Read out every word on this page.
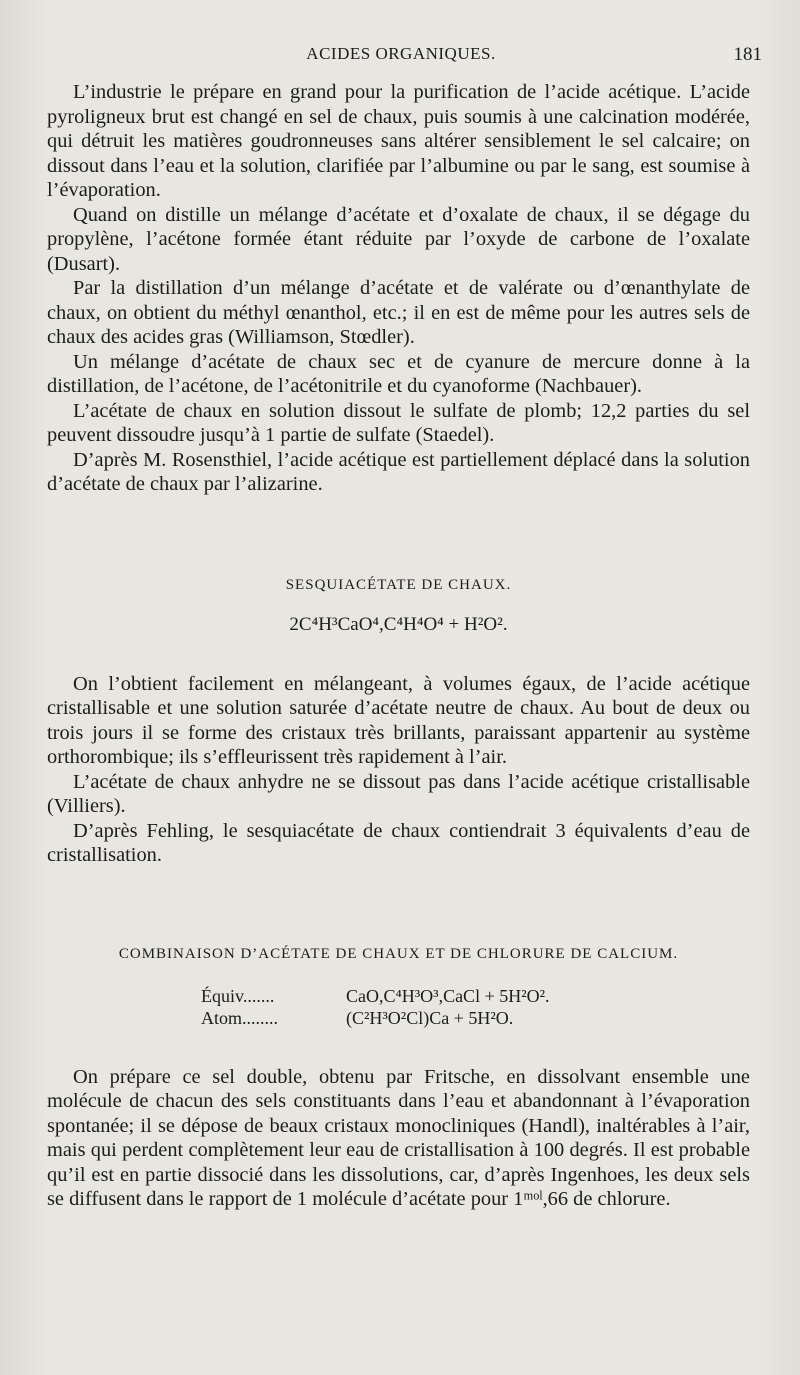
ACIDES ORGANIQUES.	181

L’industrie le prépare en grand pour la purification de l’acide acétique. L’acide pyroligneux brut est changé en sel de chaux, puis soumis à une calcination modérée, qui détruit les matières goudronneuses sans altérer sensiblement le sel calcaire; on dissout dans l’eau et la solution, clarifiée par l’albumine ou par le sang, est soumise à l’évaporation.

Quand on distille un mélange d’acétate et d’oxalate de chaux, il se dégage du propylène, l’acétone formée étant réduite par l’oxyde de carbone de l’oxalate (Dusart).

Par la distillation d’un mélange d’acétate et de valérate ou d’œnanthylate de chaux, on obtient du méthyl œnanthol, etc.; il en est de même pour les autres sels de chaux des acides gras (Williamson, Stœdler).

Un mélange d’acétate de chaux sec et de cyanure de mercure donne à la distillation, de l’acétone, de l’acétonitrile et du cyanoforme (Nachbauer).

L’acétate de chaux en solution dissout le sulfate de plomb; 12,2 parties du sel peuvent dissoudre jusqu’à 1 partie de sulfate (Staedel).

D’après M. Rosensthiel, l’acide acétique est partiellement déplacé dans la solution d’acétate de chaux par l’alizarine.

SESQUIACÉTATE DE CHAUX.
2C⁴H³CaO⁴,C⁴H⁴O⁴ + H²O².

On l’obtient facilement en mélangeant, à volumes égaux, de l’acide acétique cristallisable et une solution saturée d’acétate neutre de chaux. Au bout de deux ou trois jours il se forme des cristaux très brillants, paraissant appartenir au système orthorombique; ils s’effleurissent très rapidement à l’air.

L’acétate de chaux anhydre ne se dissout pas dans l’acide acétique cristallisable (Villiers).

D’après Fehling, le sesquiacétate de chaux contiendrait 3 équivalents d’eau de cristallisation.

COMBINAISON D’ACÉTATE DE CHAUX ET DE CHLORURE DE CALCIUM.
Équiv.......	CaO,C⁴H³O³,CaCl + 5H²O².
Atom........	(C²H³O²Cl)Ca + 5H²O.

On prépare ce sel double, obtenu par Fritsche, en dissolvant ensemble une molécule de chacun des sels constituants dans l’eau et abandonnant à l’évaporation spontanée; il se dépose de beaux cristaux monocliniques (Handl), inaltérables à l’air, mais qui perdent complètement leur eau de cristallisation à 100 degrés. Il est probable qu’il est en partie dissocié dans les dissolutions, car, d’après Ingenhoes, les deux sels se diffusent dans le rapport de 1 molécule d’acétate pour 1ᵐᵒˡ,66 de chlorure.
